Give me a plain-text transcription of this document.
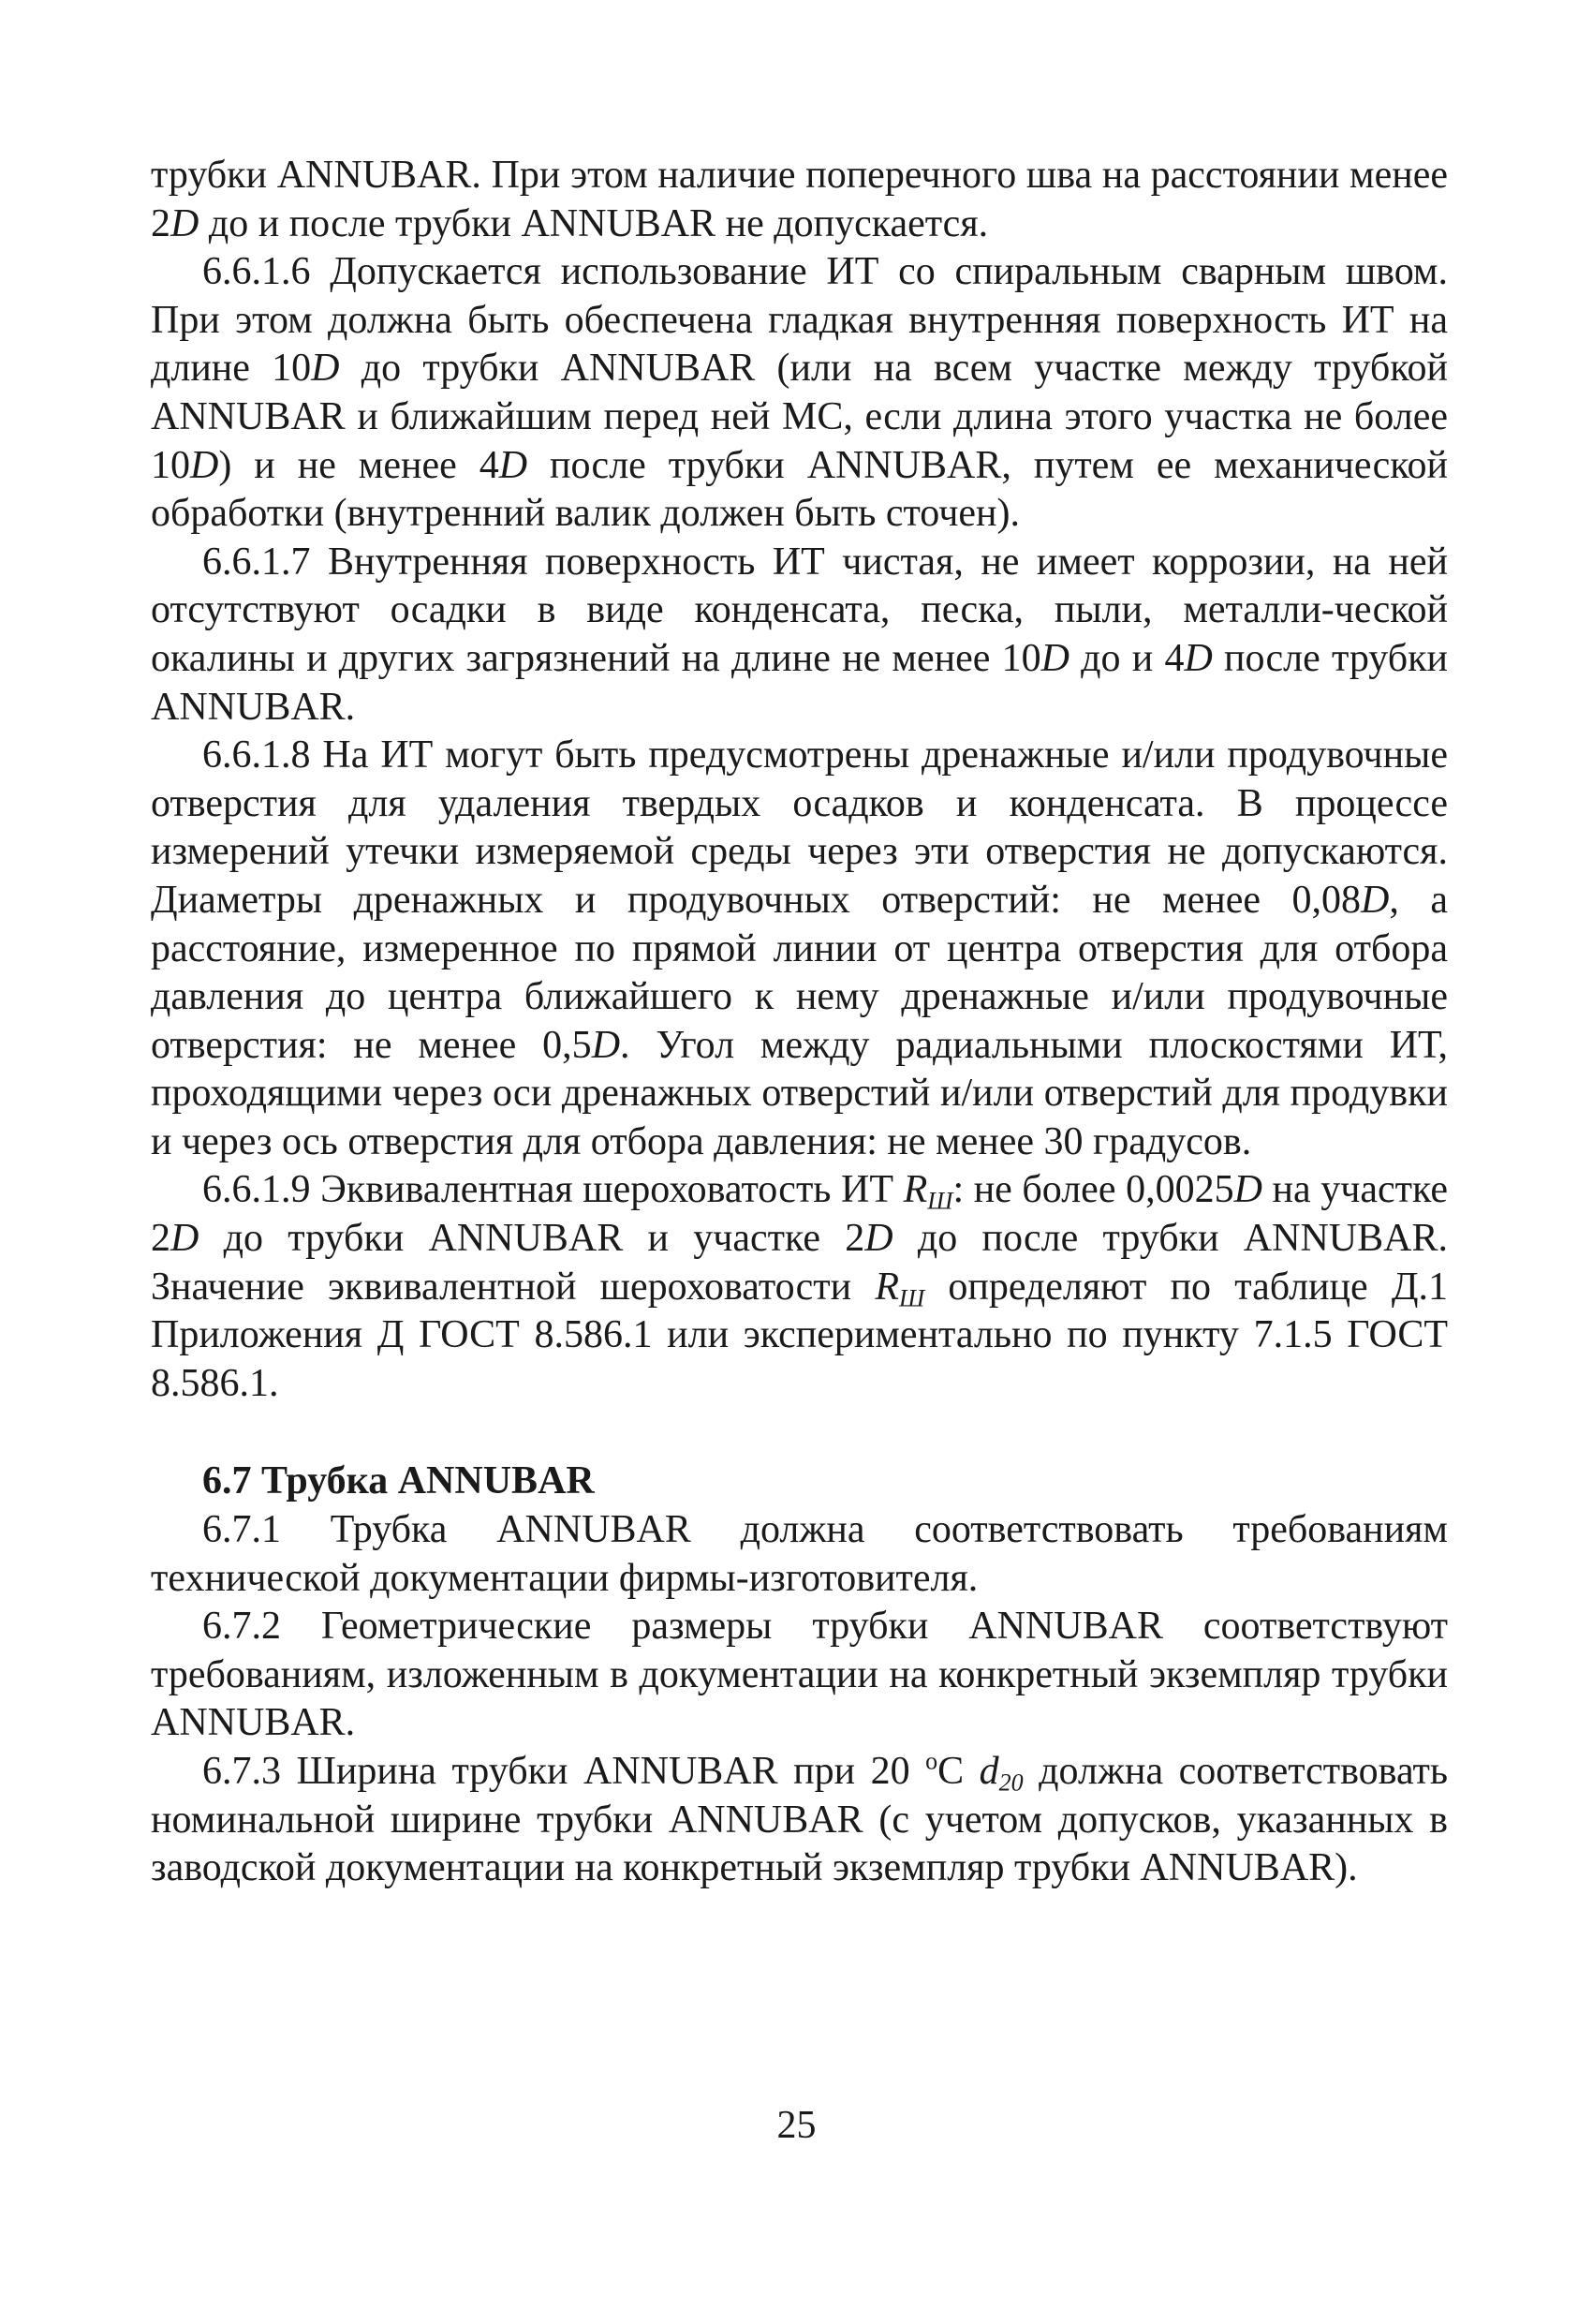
трубки ANNUBAR. При этом наличие поперечного шва на расстоянии менее 2D до и после трубки ANNUBAR не допускается.

6.6.1.6 Допускается использование ИТ со спиральным сварным швом. При этом должна быть обеспечена гладкая внутренняя поверхность ИТ на длине 10D до трубки ANNUBAR (или на всем участке между трубкой ANNUBAR и ближайшим перед ней МС, если длина этого участка не более 10D) и не менее 4D после трубки ANNUBAR, путем ее механической обработки (внутренний валик должен быть сточен).

6.6.1.7 Внутренняя поверхность ИТ чистая, не имеет коррозии, на ней отсутствуют осадки в виде конденсата, песка, пыли, металли-ческой окалины и других загрязнений на длине не менее 10D до и 4D после трубки ANNUBAR.

6.6.1.8 На ИТ могут быть предусмотрены дренажные и/или продувочные отверстия для удаления твердых осадков и конденсата. В процессе измерений утечки измеряемой среды через эти отверстия не допускаются. Диаметры дренажных и продувочных отверстий: не менее 0,08D, а расстояние, измеренное по прямой линии от центра отверстия для отбора давления до центра ближайшего к нему дренажные и/или продувочные отверстия: не менее 0,5D. Угол между радиальными плоскостями ИТ, проходящими через оси дренажных отверстий и/или отверстий для продувки и через ось отверстия для отбора давления: не менее 30 градусов.

6.6.1.9 Эквивалентная шероховатость ИТ $R_Ш$: не более 0,0025D на участке 2D до трубки ANNUBAR и участке 2D до после трубки ANNUBAR. Значение эквивалентной шероховатости $R_Ш$ определяют по таблице Д.1 Приложения Д ГОСТ 8.586.1 или экспериментально по пункту 7.1.5 ГОСТ 8.586.1.

6.7 Трубка ANNUBAR

6.7.1 Трубка ANNUBAR должна соответствовать требованиям технической документации фирмы-изготовителя.

6.7.2 Геометрические размеры трубки ANNUBAR соответствуют требованиям, изложенным в документации на конкретный экземпляр трубки ANNUBAR.

6.7.3 Ширина трубки ANNUBAR при 20 $^o$С $d_{20}$ должна соответствовать номинальной ширине трубки ANNUBAR (с учетом допусков, указанных в заводской документации на конкретный экземпляр трубки ANNUBAR).

25
